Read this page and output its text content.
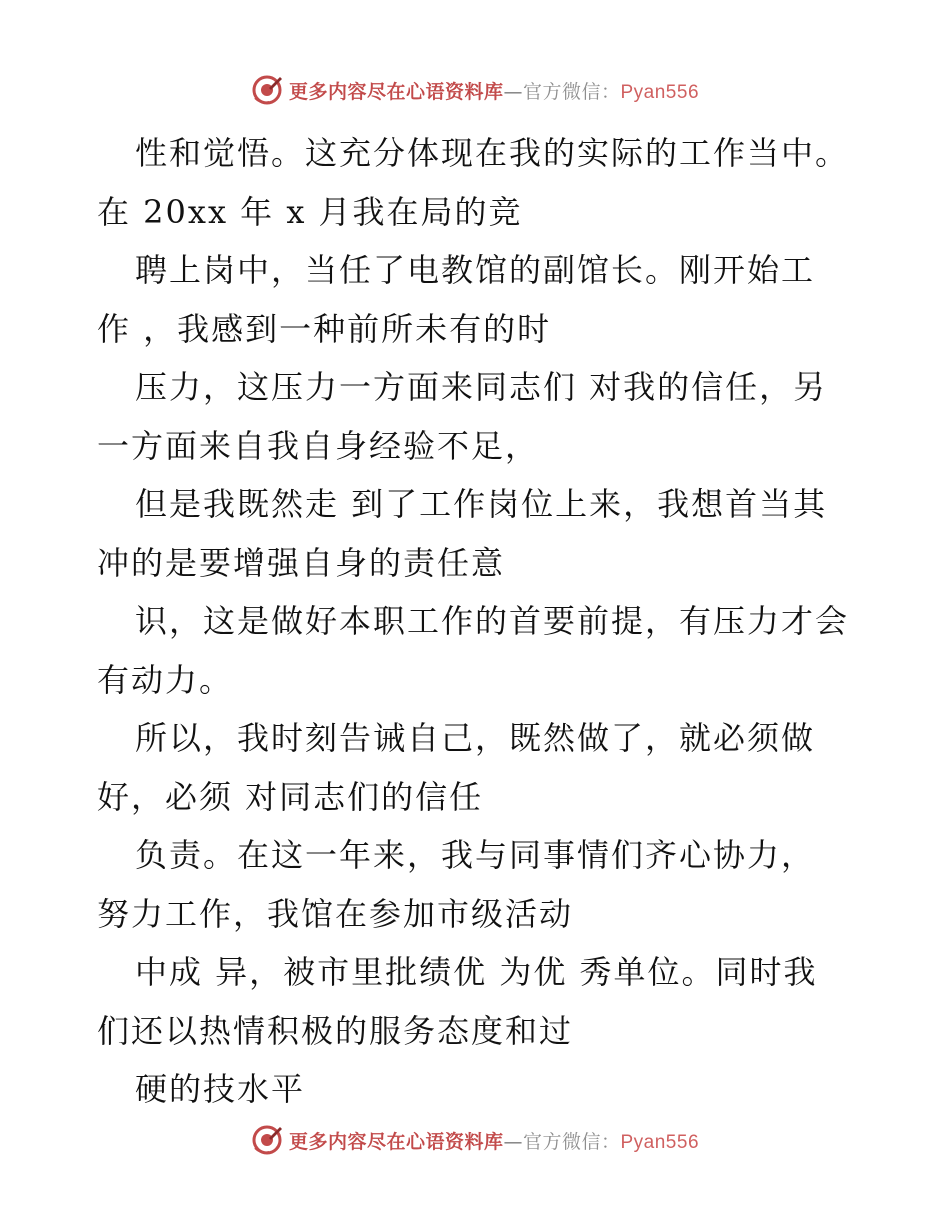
更多内容尽在心语资料库—官方微信：Pyan556
性和觉悟。这充分体现在我的实际的工作当中。
在 20xx 年 x 月我在局的竞
聘上岗中，当任了电教馆的副馆长。刚开始工
作 ，我感到一种前所未有的时
压力，这压力一方面来同志们 对我的信任，另
一方面来自我自身经验不足，
但是我既然走 到了工作岗位上来，我想首当其
冲的是要增强自身的责任意
识，这是做好本职工作的首要前提，有压力才会
有动力。
所以，我时刻告诫自己，既然做了，就必须做
好，必须 对同志们的信任
负责。在这一年来，我与同事情们齐心协力，
努力工作，我馆在参加市级活动
中成 异，被市里批绩优 为优 秀单位。同时我
们还以热情积极的服务态度和过
硬的技水平
更多内容尽在心语资料库—官方微信：Pyan556
